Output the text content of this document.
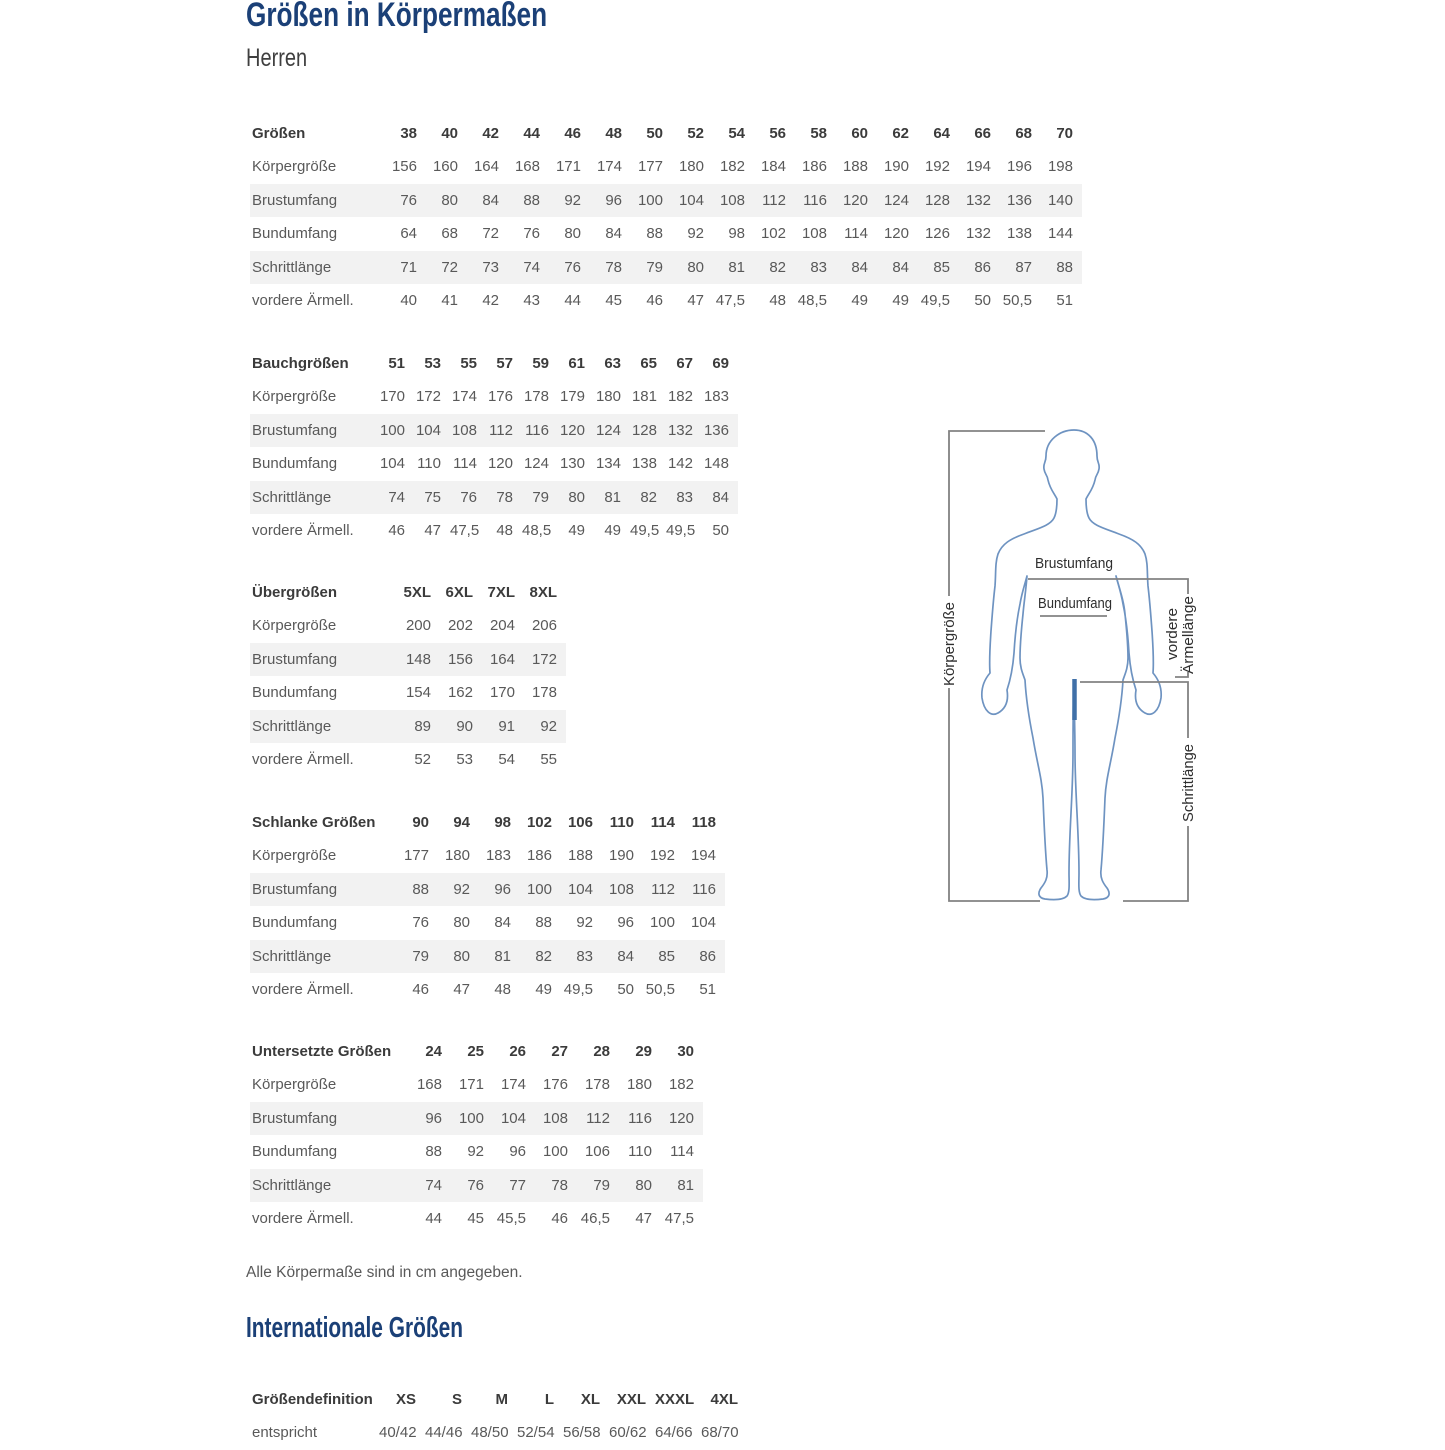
Größen in Körpermaßen
Herren
Größen	38	40	42	44	46	48	50	52	54	56	58	60	62	64	66	68	70
Körpergröße	156	160	164	168	171	174	177	180	182	184	186	188	190	192	194	196	198
Brustumfang	76	80	84	88	92	96	100	104	108	112	116	120	124	128	132	136	140
Bundumfang	64	68	72	76	80	84	88	92	98	102	108	114	120	126	132	138	144
Schrittlänge	71	72	73	74	76	78	79	80	81	82	83	84	84	85	86	87	88
vordere Ärmell.	40	41	42	43	44	45	46	47	47,5	48	48,5	49	49	49,5	50	50,5	51
Bauchgrößen	51	53	55	57	59	61	63	65	67	69
Körpergröße	170	172	174	176	178	179	180	181	182	183
Brustumfang	100	104	108	112	116	120	124	128	132	136
Bundumfang	104	110	114	120	124	130	134	138	142	148
Schrittlänge	74	75	76	78	79	80	81	82	83	84
vordere Ärmell.	46	47	47,5	48	48,5	49	49	49,5	49,5	50
Übergrößen	5XL	6XL	7XL	8XL
Körpergröße	200	202	204	206
Brustumfang	148	156	164	172
Bundumfang	154	162	170	178
Schrittlänge	89	90	91	92
vordere Ärmell.	52	53	54	55
Schlanke Größen	90	94	98	102	106	110	114	118
Körpergröße	177	180	183	186	188	190	192	194
Brustumfang	88	92	96	100	104	108	112	116
Bundumfang	76	80	84	88	92	96	100	104
Schrittlänge	79	80	81	82	83	84	85	86
vordere Ärmell.	46	47	48	49	49,5	50	50,5	51
Untersetzte Größen	24	25	26	27	28	29	30
Körpergröße	168	171	174	176	178	180	182
Brustumfang	96	100	104	108	112	116	120
Bundumfang	88	92	96	100	106	110	114
Schrittlänge	74	76	77	78	79	80	81
vordere Ärmell.	44	45	45,5	46	46,5	47	47,5
Größendefinition	XS	S	M	L	XL	XXL	XXXL	4XL
entspricht	40/42	44/46	48/50	52/54	56/58	60/62	64/66	68/70
Alle Körpermaße sind in cm angegeben.
Internationale Größen
Körpergröße
Brustumfang
Bundumfang
vordere Ärmellänge
Schrittlänge
